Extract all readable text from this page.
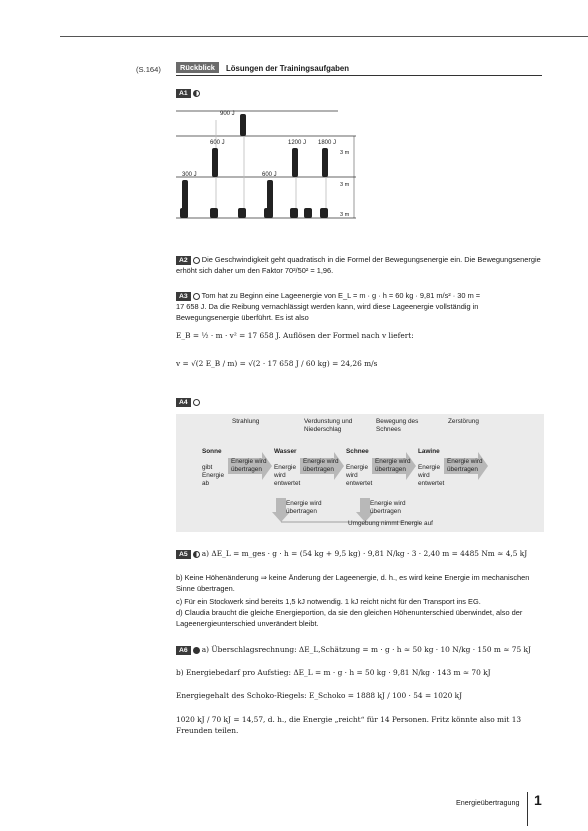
(S.164)	Rückblick	Lösungen der Trainingsaufgaben
A1
900 J
600 J	1200 J 1800 J
300 J	600 J
3 m
3 m
3 m
A2 Die Geschwindigkeit geht quadratisch in die Formel der Bewegungsenergie ein. Die Bewegungsenergie erhöht sich daher um den Faktor 70²/50² = 1,96.
A3 Tom hat zu Beginn eine Lageenergie von E_L = m · g · h = 60 kg · 9,81 m/s² · 30 m =
17 658 J. Da die Reibung vernachlässigt werden kann, wird diese Lageenergie vollständig in
Bewegungsenergie überführt. Es ist also
E_B = ½ · m · v² = 17 658 J. Auflösen der Formel nach v liefert:
v = √(2 E_B / m) = √(2 · 17 658 J / 60 kg) = 24,26 m/s
A4
Strahlung	Verdunstung und Niederschlag
Bewegung des Schnees
Zerstörung
Sonne
gibt Energie ab
Wasser
Energie wird entwertet
Schnee
Energie wird entwertet
Lawine
Energie wird entwertet
Energie wird übertragen
Energie wird übertragen
Energie wird übertragen
Energie wird übertragen
Energie wird übertragen
Energie wird übertragen
Umgebung nimmt Energie auf
A5 a) ΔE_L = m_ges · g · h = (54 kg + 9,5 kg) · 9,81 N/kg · 3 · 2,40 m = 4485 Nm ≈ 4,5 kJ
b) Keine Höhenänderung ⇒ keine Änderung der Lageenergie, d. h., es wird keine Energie im mechanischen Sinne übertragen.
c) Für ein Stockwerk sind bereits 1,5 kJ notwendig. 1 kJ reicht nicht für den Transport ins EG.
d) Claudia braucht die gleiche Energieportion, da sie den gleichen Höhenunterschied überwindet, also der Lageenergieunterschied unverändert bleibt.
A6 a) Überschlagsrechnung: ΔE_L,Schätzung = m · g · h ≈ 50 kg · 10 N/kg · 150 m ≈ 75 kJ
b) Energiebedarf pro Aufstieg: ΔE_L = m · g · h = 50 kg · 9,81 N/kg · 143 m ≈ 70 kJ
Energiegehalt des Schoko-Riegels: E_Schoko = 1888 kJ / 100 · 54 = 1020 kJ
1020 kJ / 70 kJ = 14,57, d. h., die Energie „reicht“ für 14 Personen. Fritz könnte also mit 13 Freunden teilen.
Energieübertragung 1
